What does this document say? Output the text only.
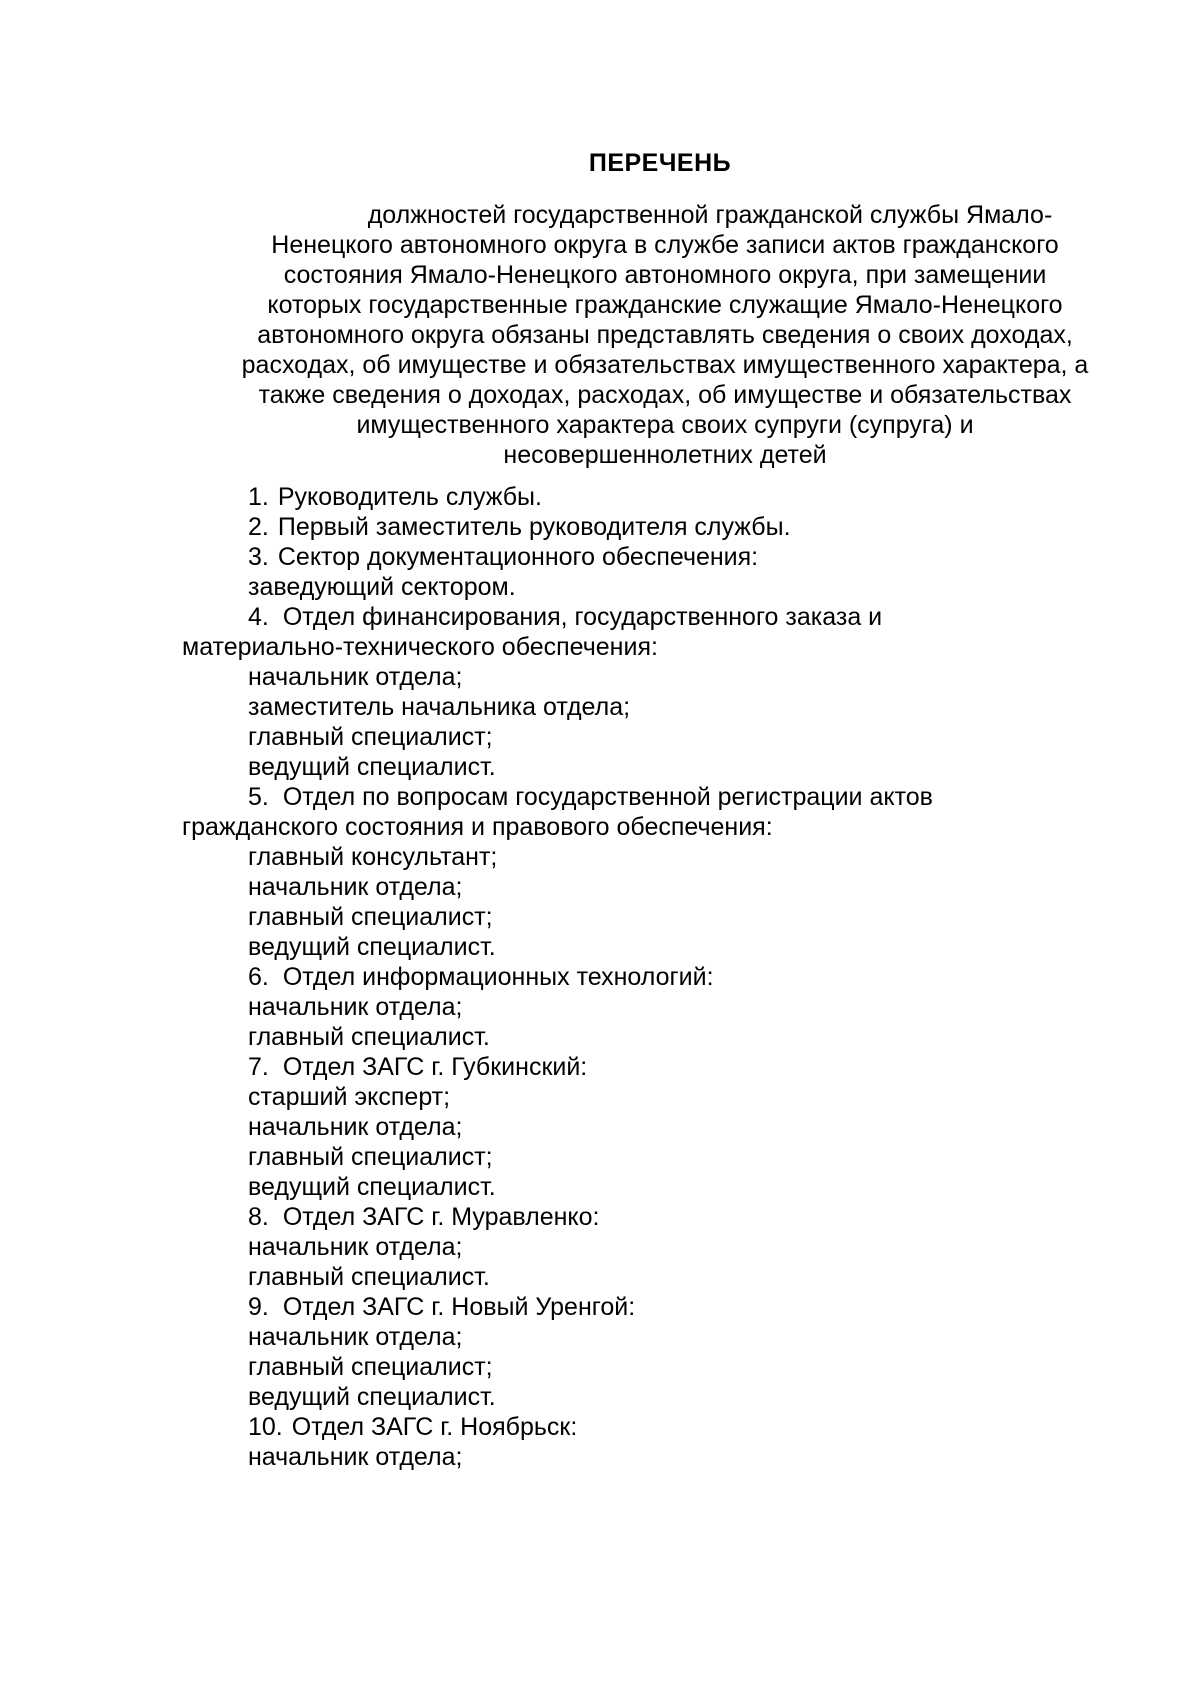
ПЕРЕЧЕНЬ
должностей государственной гражданской службы Ямало-
Ненецкого автономного округа в службе записи актов гражданского
состояния Ямало-Ненецкого автономного округа, при замещении
которых государственные гражданские служащие Ямало-Ненецкого
автономного округа обязаны представлять сведения о своих доходах,
расходах, об имуществе и обязательствах имущественного характера, а
также сведения о доходах, расходах, об имуществе и обязательствах
имущественного характера своих супруги (супруга) и
несовершеннолетних детей
1. Руководитель службы.
2. Первый заместитель руководителя службы.
3. Сектор документационного обеспечения:
заведующий сектором.
4. Отдел финансирования, государственного заказа и
материально-технического обеспечения:
начальник отдела;
заместитель начальника отдела;
главный специалист;
ведущий специалист.
5. Отдел по вопросам государственной регистрации актов
гражданского состояния и правового обеспечения:
главный консультант;
начальник отдела;
главный специалист;
ведущий специалист.
6. Отдел информационных технологий:
начальник отдела;
главный специалист.
7. Отдел ЗАГС г. Губкинский:
старший эксперт;
начальник отдела;
главный специалист;
ведущий специалист.
8. Отдел ЗАГС г. Муравленко:
начальник отдела;
главный специалист.
9. Отдел ЗАГС г. Новый Уренгой:
начальник отдела;
главный специалист;
ведущий специалист.
10. Отдел ЗАГС г. Ноябрьск:
начальник отдела;
